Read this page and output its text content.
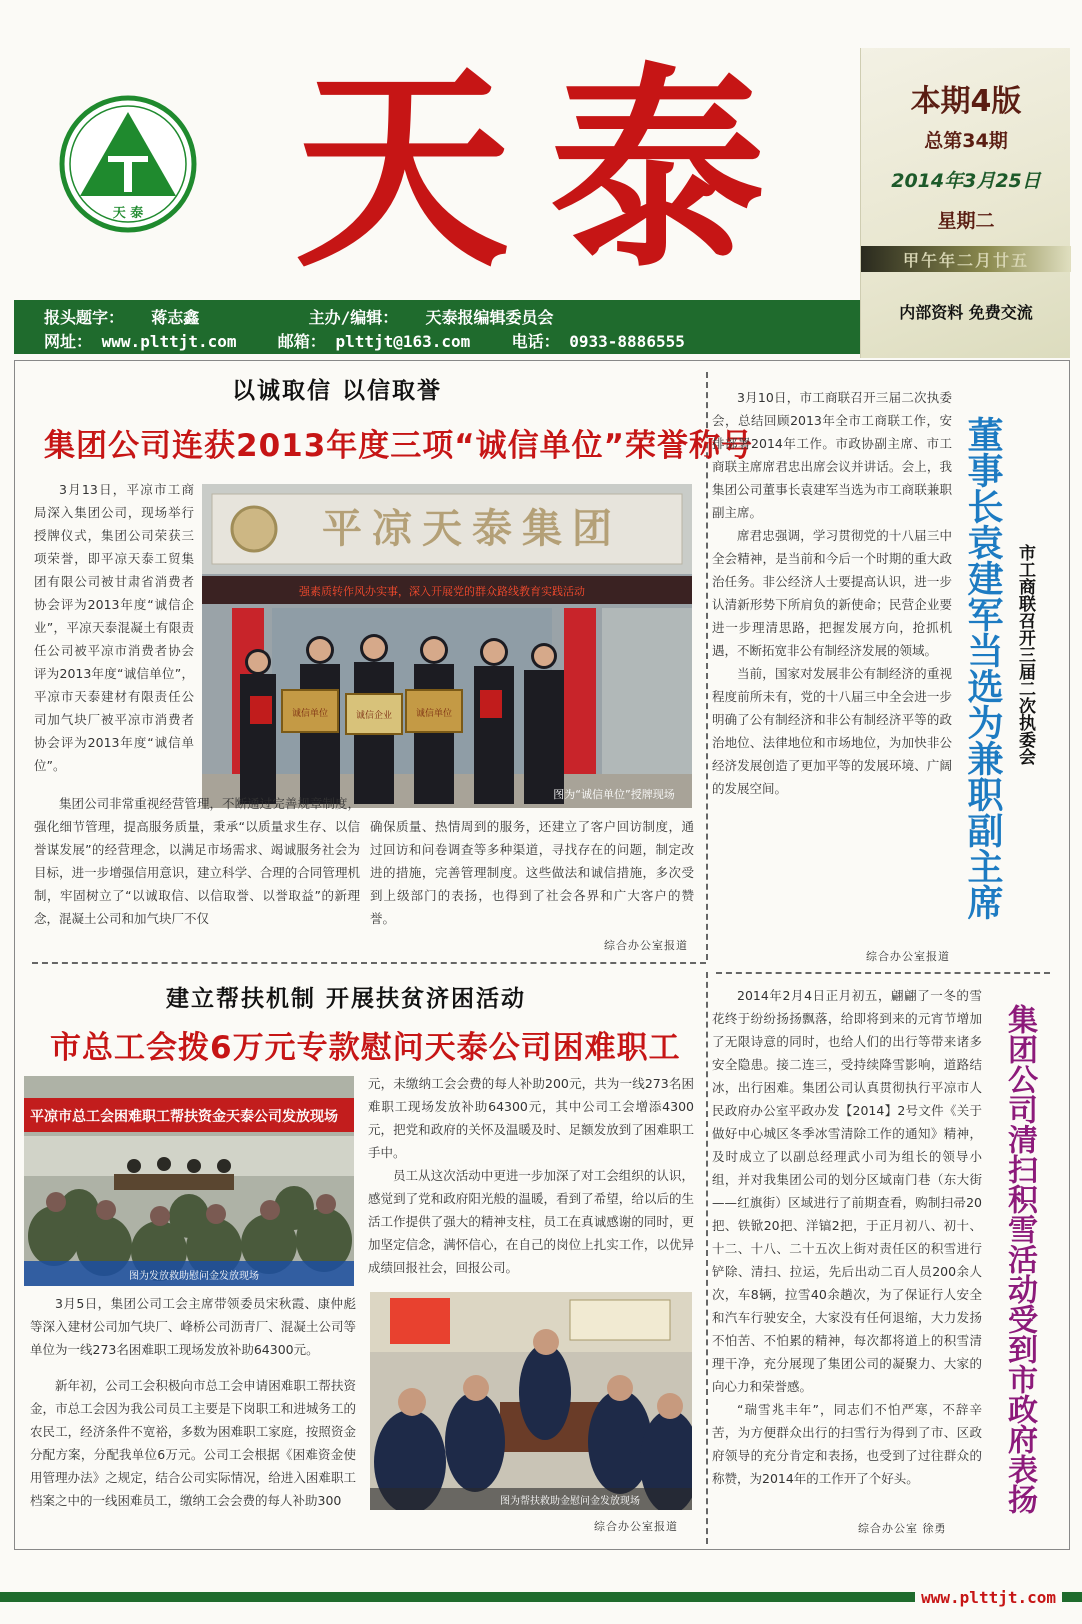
天 泰 天泰	本期4版
总第34期
2014年3月25日
星期二
甲午年二月廿五
内部资料 免费交流
报头题字： 蒋志鑫	主办/编辑： 天泰报编辑委员会
网址： www.plttjt.com	邮箱： plttjt@163.com	电话： 0933-8886555
以诚取信 以信取誉
集团公司连获2013年度三项“诚信单位”荣誉称号

3月13日，平凉市工商局深入集团公司，现场举行授牌仪式，集团公司荣获三项荣誉，即平凉天泰工贸集团有限公司被甘肃省消费者协会评为2013年度“诚信企业”，平凉天泰混凝土有限责任公司被平凉市消费者协会评为2013年度“诚信单位”，平凉市天泰建材有限责任公司加气块厂被平凉市消费者协会评为2013年度“诚信单位”。

平凉天泰集团
强素质转作风办实事，深入开展党的群众路线教育实践活动
诚信单位	诚信企业	诚信单位
图为“诚信单位”授牌现场

集团公司非常重视经营管理，不断通过完善规章制度，强化细节管理，提高服务质量，秉承“以质量求生存、以信誉谋发展”的经营理念，以满足市场需求、竭诚服务社会为目标，进一步增强信用意识，建立科学、合理的合同管理机制，牢固树立了“以诚取信、以信取誉、以誉取益”的新理念，混凝土公司和加气块厂不仅

确保质量、热情周到的服务，还建立了客户回访制度，通过回访和问卷调查等多种渠道，寻找存在的问题，制定改进的措施，完善管理制度。这些做法和诚信措施，多次受到上级部门的表扬，也得到了社会各界和广大客户的赞誉。
综合办公室报道

3月10日，市工商联召开三届二次执委会，总结回顾2013年全市工商联工作，安排部署2014年工作。市政协副主席、市工商联主席席君忠出席会议并讲话。会上，我集团公司董事长袁建军当选为市工商联兼职副主席。

席君忠强调，学习贯彻党的十八届三中全会精神，是当前和今后一个时期的重大政治任务。非公经济人士要提高认识，进一步认清新形势下所肩负的新使命；民营企业要进一步理清思路，把握发展方向，抢抓机遇，不断拓宽非公有制经济发展的领域。

当前，国家对发展非公有制经济的重视程度前所未有，党的十八届三中全会进一步明确了公有制经济和非公有制经济平等的政治地位、法律地位和市场地位，为加快非公经济发展创造了更加平等的发展环境、广阔的发展空间。

综合办公室报道
董事长袁建军当选为兼职副主席 市工商联召开三届二次执委会
建立帮扶机制 开展扶贫济困活动
市总工会拨6万元专款慰问天泰公司困难职工
平凉市总工会困难职工帮扶资金天泰公司发放现场
图为发放救助慰问金发放现场

3月5日，集团公司工会主席带领委员宋秋霞、康仲彪等深入建材公司加气块厂、峰桥公司沥青厂、混凝土公司等单位为一线273名困难职工现场发放补助64300元。

新年初，公司工会积极向市总工会申请困难职工帮扶资金，市总工会因为我公司员工主要是下岗职工和进城务工的农民工，经济条件不宽裕，多数为困难职工家庭，按照资金分配方案，分配我单位6万元。公司工会根据《困难资金使用管理办法》之规定，结合公司实际情况，给进入困难职工档案之中的一线困难员工，缴纳工会会费的每人补助300

元，未缴纳工会会费的每人补助200元，共为一线273名困难职工现场发放补助64300元，其中公司工会增添4300元，把党和政府的关怀及温暖及时、足额发放到了困难职工手中。

员工从这次活动中更进一步加深了对工会组织的认识，感觉到了党和政府阳光般的温暖，看到了希望，给以后的生活工作提供了强大的精神支柱，员工在真诚感谢的同时，更加坚定信念，满怀信心，在自己的岗位上扎实工作，以优异成绩回报社会，回报公司。

图为帮扶救助金慰问金发放现场
综合办公室报道

2014年2月4日正月初五，翩翩了一冬的雪花终于纷纷扬扬飘落，给即将到来的元宵节增加了无限诗意的同时，也给人们的出行等带来诸多安全隐患。接二连三，受持续降雪影响，道路结冰，出行困难。集团公司认真贯彻执行平凉市人民政府办公室平政办发【2014】2号文件《关于做好中心城区冬季冰雪清除工作的通知》精神，及时成立了以副总经理武小司为组长的领导小组，并对我集团公司的划分区域南门巷（东大街——红旗街）区域进行了前期查看，购制扫帚20把、铁锨20把、洋镐2把，于正月初八、初十、十二、十八、二十五次上街对责任区的积雪进行铲除、清扫、拉运，先后出动二百人员200余人次，车8辆，拉雪40余趟次，为了保证行人安全和汽车行驶安全，大家没有任何退缩，大力发扬不怕苦、不怕累的精神，每次都将道上的积雪清理干净，充分展现了集团公司的凝聚力、大家的向心力和荣誉感。

“瑞雪兆丰年”，同志们不怕严寒，不辞辛苦，为方便群众出行的扫雪行为得到了市、区政府领导的充分肯定和表扬，也受到了过往群众的称赞，为2014年的工作开了个好头。

综合办公室 徐勇
集团公司清扫积雪活动受到市政府表扬
www.plttjt.com
